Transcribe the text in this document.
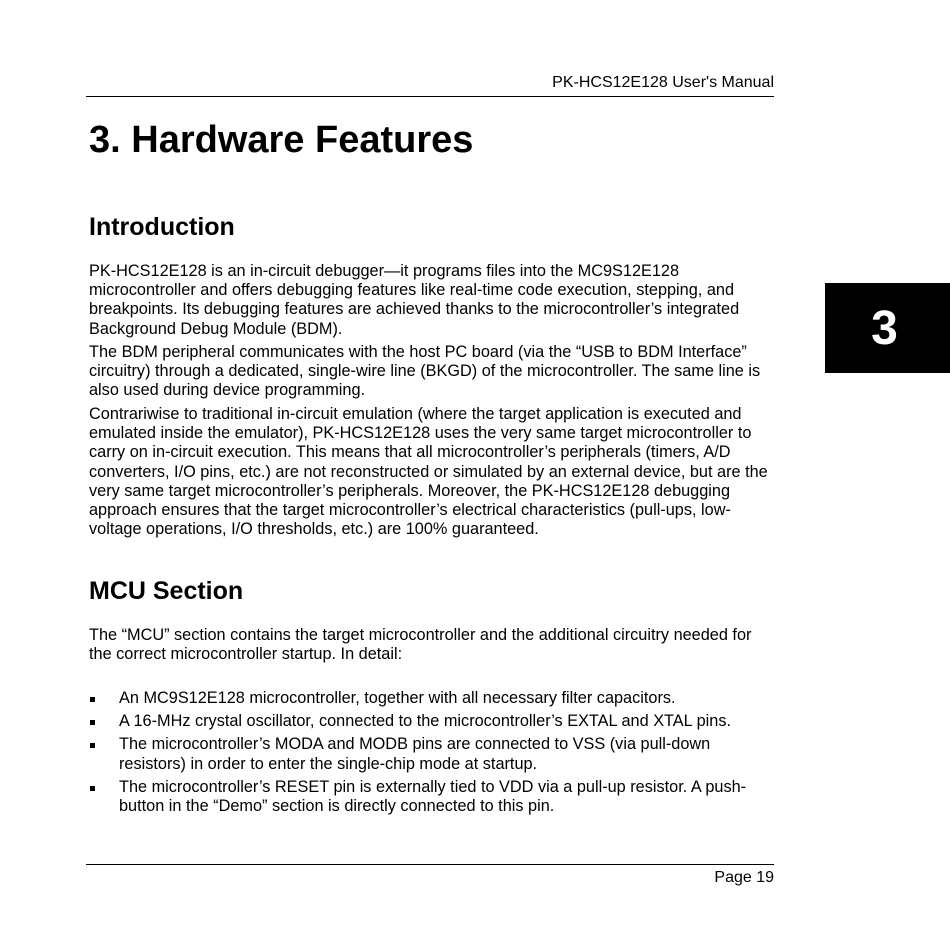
PK-HCS12E128 User's Manual
3. Hardware Features
Introduction

PK-HCS12E128 is an in-circuit debugger—it programs files into the MC9S12E128 microcontroller and offers debugging features like real-time code execution, stepping, and breakpoints. Its debugging features are achieved thanks to the microcontroller’s integrated Background Debug Module (BDM).

The BDM peripheral communicates with the host PC board (via the “USB to BDM Interface” circuitry) through a dedicated, single-wire line (BKGD) of the microcontroller. The same line is also used during device programming.

Contrariwise to traditional in-circuit emulation (where the target application is executed and emulated inside the emulator), PK-HCS12E128 uses the very same target microcontroller to carry on in-circuit execution. This means that all microcontroller’s peripherals (timers, A/D converters, I/O pins, etc.) are not reconstructed or simulated by an external device, but are the very same target microcontroller’s peripherals. Moreover, the PK-HCS12E128 debugging approach ensures that the target microcontroller’s electrical characteristics (pull-ups, low-voltage operations, I/O thresholds, etc.) are 100% guaranteed.

MCU Section

The “MCU” section contains the target microcontroller and the additional circuitry needed for the correct microcontroller startup. In detail:

An MC9S12E128 microcontroller, together with all necessary filter capacitors.
A 16-MHz crystal oscillator, connected to the microcontroller’s EXTAL and XTAL pins.
The microcontroller’s MODA and MODB pins are connected to VSS (via pull-down resistors) in order to enter the single-chip mode at startup.
The microcontroller’s RESET pin is externally tied to VDD via a pull-up resistor. A push-button in the “Demo” section is directly connected to this pin.
3
Page 19
